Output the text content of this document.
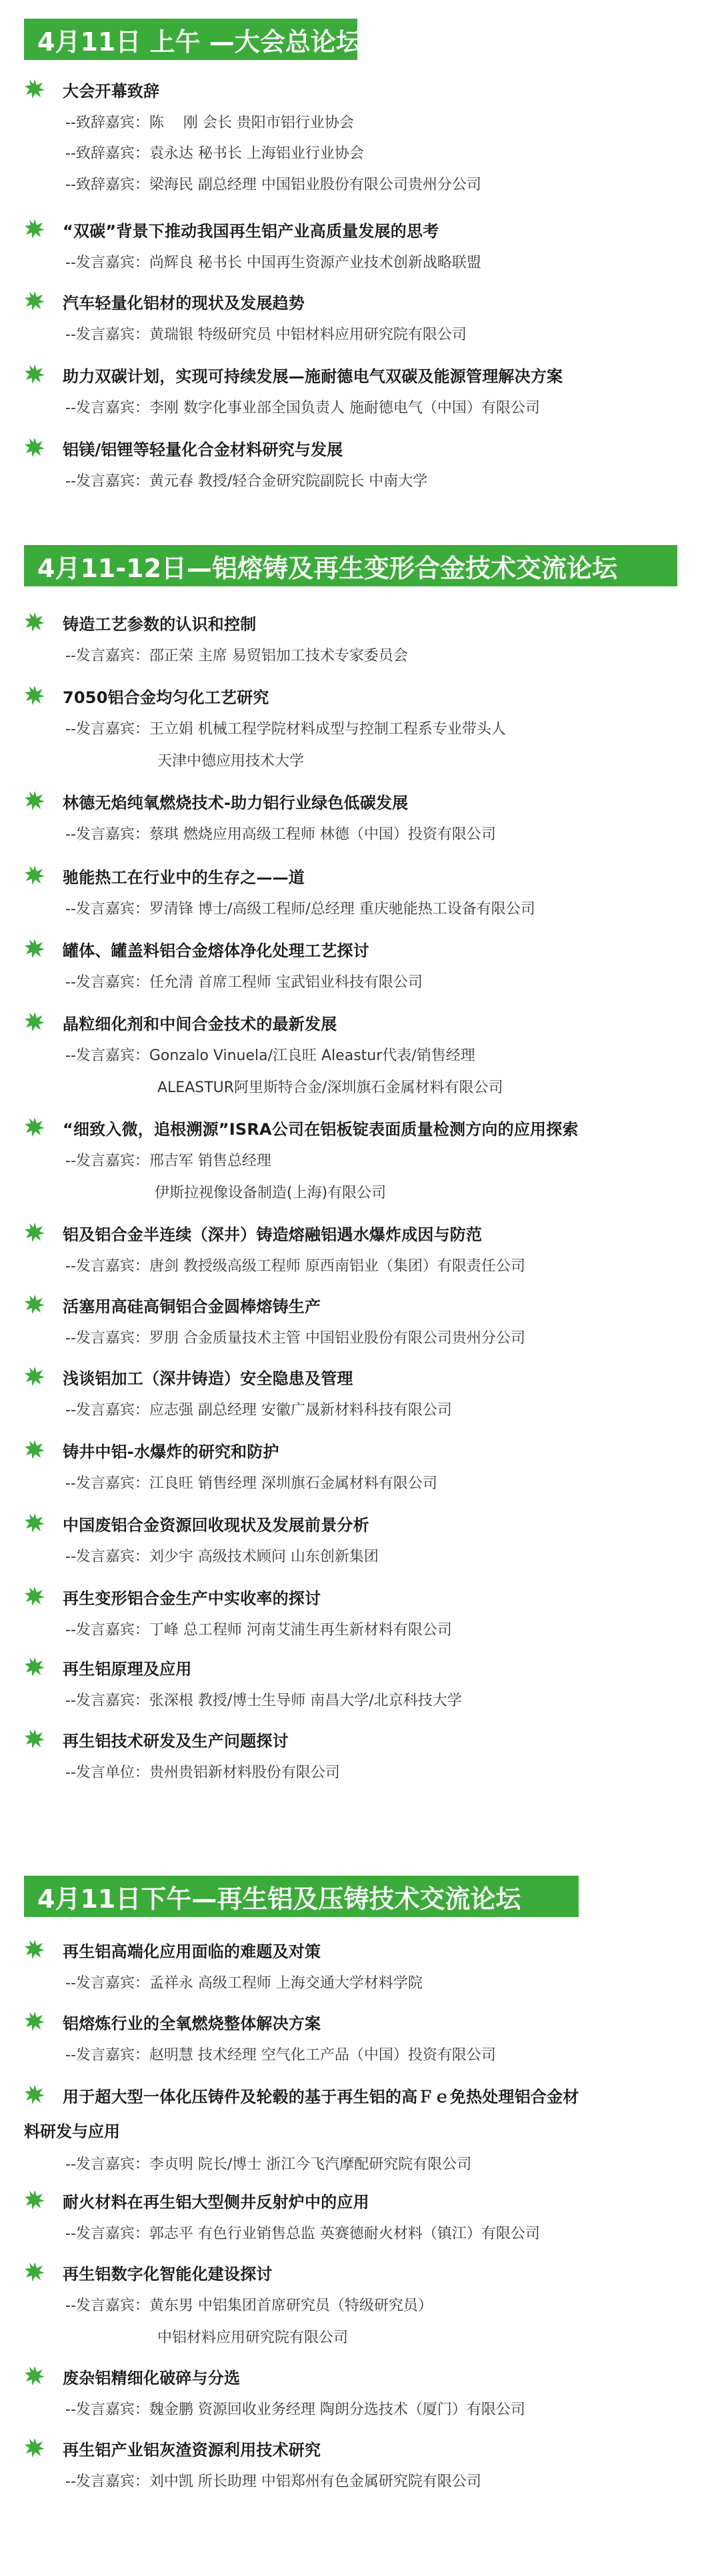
4月11日 上午 —大会总论坛
大会开幕致辞
--致辞嘉宾：陈　 刚 会长 贵阳市铝行业协会
--致辞嘉宾：袁永达 秘书长 上海铝业行业协会
--致辞嘉宾：梁海民 副总经理 中国铝业股份有限公司贵州分公司
“双碳”背景下推动我国再生铝产业高质量发展的思考
--发言嘉宾：尚辉良 秘书长 中国再生资源产业技术创新战略联盟
汽车轻量化铝材的现状及发展趋势
--发言嘉宾：黄瑞银 特级研究员 中铝材料应用研究院有限公司
助力双碳计划，实现可持续发展—施耐德电气双碳及能源管理解决方案
--发言嘉宾：李刚 数字化事业部全国负责人 施耐德电气（中国）有限公司
铝镁/铝锂等轻量化合金材料研究与发展
--发言嘉宾：黄元春 教授/轻合金研究院副院长 中南大学
4月11-12日—铝熔铸及再生变形合金技术交流论坛
铸造工艺参数的认识和控制
--发言嘉宾：邵正荣 主席 易贸铝加工技术专家委员会
7050铝合金均匀化工艺研究
--发言嘉宾：王立娟 机械工程学院材料成型与控制工程系专业带头人
天津中德应用技术大学
林德无焰纯氧燃烧技术-助力铝行业绿色低碳发展
--发言嘉宾：蔡琪 燃烧应用高级工程师 林德（中国）投资有限公司
驰能热工在行业中的生存之——道
--发言嘉宾：罗清锋 博士/高级工程师/总经理 重庆驰能热工设备有限公司
罐体、罐盖料铝合金熔体净化处理工艺探讨
--发言嘉宾：任允清 首席工程师 宝武铝业科技有限公司
晶粒细化剂和中间合金技术的最新发展
--发言嘉宾：Gonzalo Vinuela/江良旺 Aleastur代表/销售经理
ALEASTUR阿里斯特合金/深圳旗石金属材料有限公司
“细致入微，追根溯源”ISRA公司在铝板锭表面质量检测方向的应用探索
--发言嘉宾：邢吉军 销售总经理
伊斯拉视像设备制造(上海)有限公司
铝及铝合金半连续（深井）铸造熔融铝遇水爆炸成因与防范
--发言嘉宾：唐剑 教授级高级工程师 原西南铝业（集团）有限责任公司
活塞用高硅高铜铝合金圆棒熔铸生产
--发言嘉宾：罗朋 合金质量技术主管 中国铝业股份有限公司贵州分公司
浅谈铝加工（深井铸造）安全隐患及管理
--发言嘉宾：应志强 副总经理 安徽广晟新材料科技有限公司
铸井中铝-水爆炸的研究和防护
--发言嘉宾：江良旺 销售经理 深圳旗石金属材料有限公司
中国废铝合金资源回收现状及发展前景分析
--发言嘉宾：刘少宇 高级技术顾问 山东创新集团
再生变形铝合金生产中实收率的探讨
--发言嘉宾：丁峰 总工程师 河南艾浦生再生新材料有限公司
再生铝原理及应用
--发言嘉宾：张深根 教授/博士生导师 南昌大学/北京科技大学
再生铝技术研发及生产问题探讨
--发言单位：贵州贵铝新材料股份有限公司
4月11日下午—再生铝及压铸技术交流论坛
再生铝高端化应用面临的难题及对策
--发言嘉宾：孟祥永 高级工程师 上海交通大学材料学院
铝熔炼行业的全氧燃烧整体解决方案
--发言嘉宾：赵明慧 技术经理 空气化工产品（中国）投资有限公司
用于超大型一体化压铸件及轮毂的基于再生铝的高Ｆｅ免热处理铝合金材
料研发与应用
--发言嘉宾：李贞明 院长/博士 浙江今飞汽摩配研究院有限公司
耐火材料在再生铝大型侧井反射炉中的应用
--发言嘉宾：郭志平 有色行业销售总监 英赛德耐火材料（镇江）有限公司
再生铝数字化智能化建设探讨
--发言嘉宾：黄东男 中铝集团首席研究员（特级研究员）
中铝材料应用研究院有限公司
废杂铝精细化破碎与分选
--发言嘉宾：魏金鹏 资源回收业务经理 陶朗分选技术（厦门）有限公司
再生铝产业铝灰渣资源利用技术研究
--发言嘉宾：刘中凯 所长助理 中铝郑州有色金属研究院有限公司
